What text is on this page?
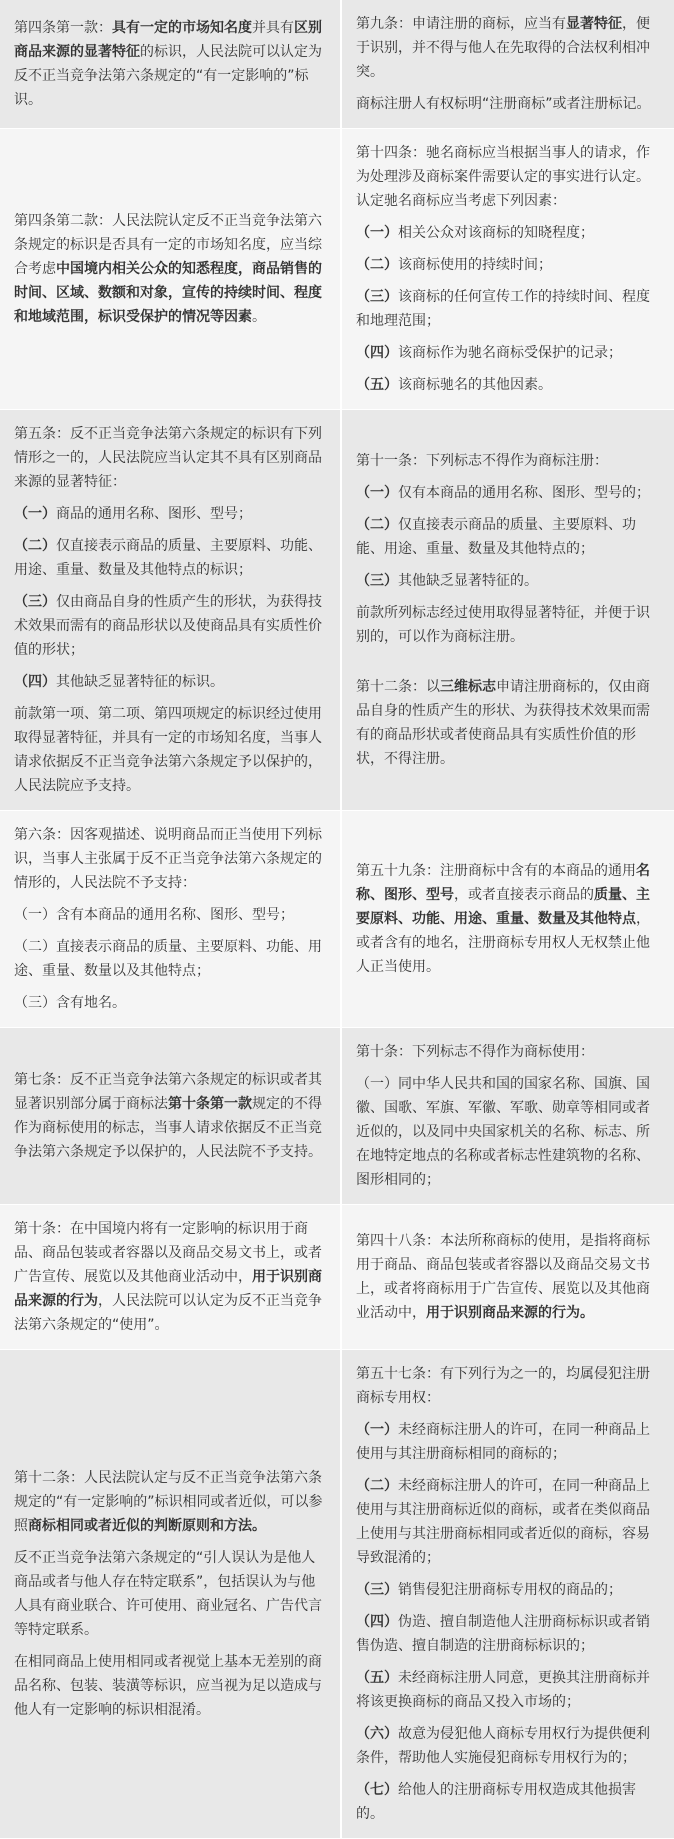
第四条第一款：具有一定的市场知名度并具有区别商品来源的显著特征的标识，人民法院可以认定为反不正当竞争法第六条规定的“有一定影响的”标识。

第九条：申请注册的商标，应当有显著特征，便于识别，并不得与他人在先取得的合法权利相冲突。

商标注册人有权标明“注册商标”或者注册标记。

第四条第二款：人民法院认定反不正当竞争法第六条规定的标识是否具有一定的市场知名度，应当综合考虑中国境内相关公众的知悉程度，商品销售的时间、区域、数额和对象，宣传的持续时间、程度和地域范围，标识受保护的情况等因素。

第十四条：驰名商标应当根据当事人的请求，作为处理涉及商标案件需要认定的事实进行认定。认定驰名商标应当考虑下列因素：

（一）相关公众对该商标的知晓程度；

（二）该商标使用的持续时间；

（三）该商标的任何宣传工作的持续时间、程度和地理范围；

（四）该商标作为驰名商标受保护的记录；

（五）该商标驰名的其他因素。

第五条：反不正当竞争法第六条规定的标识有下列情形之一的，人民法院应当认定其不具有区别商品来源的显著特征：

（一）商品的通用名称、图形、型号；

（二）仅直接表示商品的质量、主要原料、功能、用途、重量、数量及其他特点的标识；

（三）仅由商品自身的性质产生的形状，为获得技术效果而需有的商品形状以及使商品具有实质性价值的形状；

（四）其他缺乏显著特征的标识。

前款第一项、第二项、第四项规定的标识经过使用取得显著特征，并具有一定的市场知名度，当事人请求依据反不正当竞争法第六条规定予以保护的，人民法院应予支持。

第十一条：下列标志不得作为商标注册：

（一）仅有本商品的通用名称、图形、型号的；

（二）仅直接表示商品的质量、主要原料、功能、用途、重量、数量及其他特点的；

（三）其他缺乏显著特征的。

前款所列标志经过使用取得显著特征，并便于识别的，可以作为商标注册。

第十二条：以三维标志申请注册商标的，仅由商品自身的性质产生的形状、为获得技术效果而需有的商品形状或者使商品具有实质性价值的形状，不得注册。

第六条：因客观描述、说明商品而正当使用下列标识，当事人主张属于反不正当竞争法第六条规定的情形的，人民法院不予支持：

（一）含有本商品的通用名称、图形、型号；

（二）直接表示商品的质量、主要原料、功能、用途、重量、数量以及其他特点；

（三）含有地名。

第五十九条：注册商标中含有的本商品的通用名称、图形、型号，或者直接表示商品的质量、主要原料、功能、用途、重量、数量及其他特点，或者含有的地名，注册商标专用权人无权禁止他人正当使用。

第七条：反不正当竞争法第六条规定的标识或者其显著识别部分属于商标法第十条第一款规定的不得作为商标使用的标志，当事人请求依据反不正当竞争法第六条规定予以保护的，人民法院不予支持。

第十条：下列标志不得作为商标使用：

（一）同中华人民共和国的国家名称、国旗、国徽、国歌、军旗、军徽、军歌、勋章等相同或者近似的，以及同中央国家机关的名称、标志、所在地特定地点的名称或者标志性建筑物的名称、图形相同的；

第十条：在中国境内将有一定影响的标识用于商品、商品包装或者容器以及商品交易文书上，或者广告宣传、展览以及其他商业活动中，用于识别商品来源的行为，人民法院可以认定为反不正当竞争法第六条规定的“使用”。

第四十八条：本法所称商标的使用，是指将商标用于商品、商品包装或者容器以及商品交易文书上，或者将商标用于广告宣传、展览以及其他商业活动中，用于识别商品来源的行为。

第十二条：人民法院认定与反不正当竞争法第六条规定的“有一定影响的”标识相同或者近似，可以参照商标相同或者近似的判断原则和方法。

反不正当竞争法第六条规定的“引人误认为是他人商品或者与他人存在特定联系”，包括误认为与他人具有商业联合、许可使用、商业冠名、广告代言等特定联系。

在相同商品上使用相同或者视觉上基本无差别的商品名称、包装、装潢等标识，应当视为足以造成与他人有一定影响的标识相混淆。

第五十七条：有下列行为之一的，均属侵犯注册商标专用权：

（一）未经商标注册人的许可，在同一种商品上使用与其注册商标相同的商标的；

（二）未经商标注册人的许可，在同一种商品上使用与其注册商标近似的商标，或者在类似商品上使用与其注册商标相同或者近似的商标，容易导致混淆的；

（三）销售侵犯注册商标专用权的商品的；

（四）伪造、擅自制造他人注册商标标识或者销售伪造、擅自制造的注册商标标识的；

（五）未经商标注册人同意，更换其注册商标并将该更换商标的商品又投入市场的；

（六）故意为侵犯他人商标专用权行为提供便利条件，帮助他人实施侵犯商标专用权行为的；

（七）给他人的注册商标专用权造成其他损害的。
